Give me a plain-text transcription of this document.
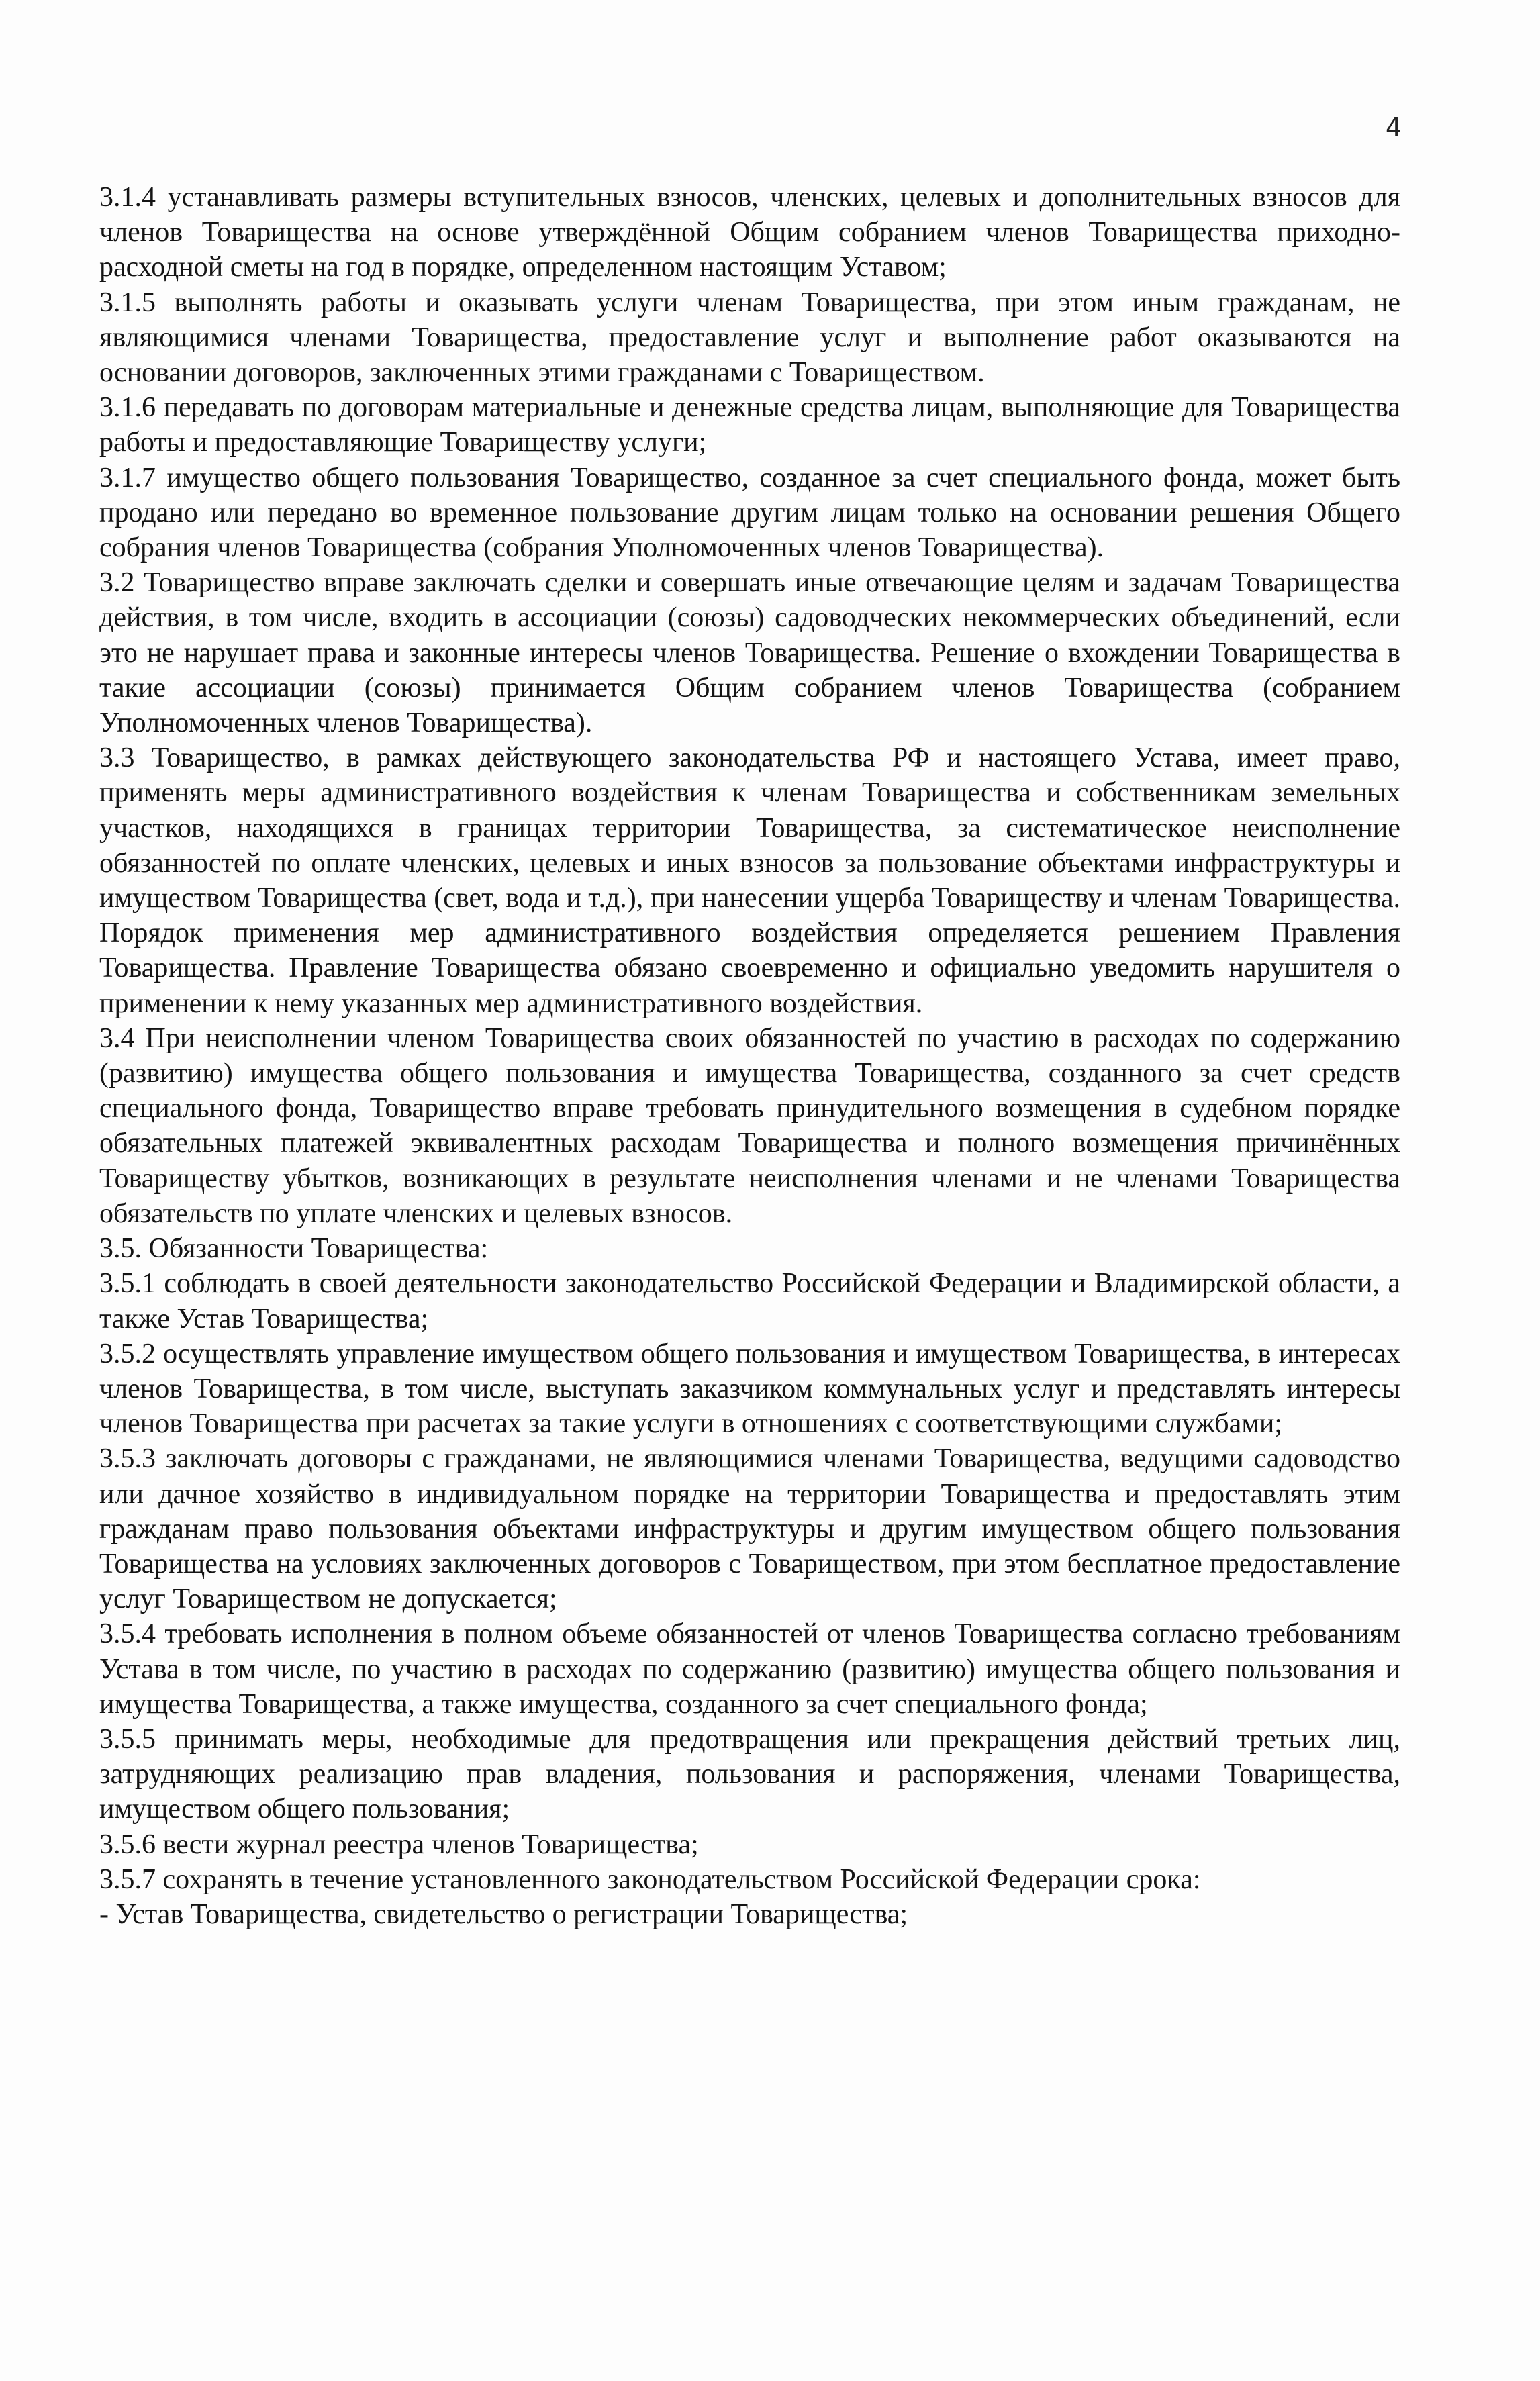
4

3.1.4 устанавливать размеры вступительных взносов, членских, целевых и дополнительных взносов для членов Товарищества на основе утверждённой Общим собранием членов Товарищества приходно-расходной сметы на год в порядке, определенном настоящим Уставом;

3.1.5 выполнять работы и оказывать услуги членам Товарищества, при этом иным гражданам, не являющимися членами Товарищества, предоставление услуг и выполнение работ оказываются на основании договоров, заключенных этими гражданами с Товариществом.

3.1.6 передавать по договорам материальные и денежные средства лицам, выполняющие для Товарищества работы и предоставляющие Товариществу услуги;

3.1.7 имущество общего пользования Товарищество, созданное за счет специального фонда, может быть продано или передано во временное пользование другим лицам только на основании решения Общего собрания членов Товарищества (собрания Уполномоченных членов Товарищества).

3.2 Товарищество вправе заключать сделки и совершать иные отвечающие целям и задачам Товарищества действия, в том числе, входить в ассоциации (союзы) садоводческих некоммерческих объединений, если это не нарушает права и законные интересы членов Товарищества. Решение о вхождении Товарищества в такие ассоциации (союзы) принимается Общим собранием членов Товарищества (собранием Уполномоченных членов Товарищества).

3.3 Товарищество, в рамках действующего законодательства РФ и настоящего Устава, имеет право, применять меры административного воздействия к членам Товарищества и собственникам земельных участков, находящихся в границах территории Товарищества, за систематическое неисполнение обязанностей по оплате членских, целевых и иных взносов за пользование объектами инфраструктуры и имуществом Товарищества (свет, вода и т.д.), при нанесении ущерба Товариществу и членам Товарищества. Порядок применения мер административного воздействия определяется решением Правления Товарищества. Правление Товарищества обязано своевременно и официально уведомить нарушителя о применении к нему указанных мер административного воздействия.

3.4 При неисполнении членом Товарищества своих обязанностей по участию в расходах по содержанию (развитию) имущества общего пользования и имущества Товарищества, созданного за счет средств специального фонда, Товарищество вправе требовать принудительного возмещения в судебном порядке обязательных платежей эквивалентных расходам Товарищества и полного возмещения причинённых Товариществу убытков, возникающих в результате неисполнения членами и не членами Товарищества обязательств по уплате членских и целевых взносов.

3.5. Обязанности Товарищества:

3.5.1 соблюдать в своей деятельности законодательство Российской Федерации и Владимирской области, а также Устав Товарищества;

3.5.2 осуществлять управление имуществом общего пользования и имуществом Товарищества, в интересах членов Товарищества, в том числе, выступать заказчиком коммунальных услуг и представлять интересы членов Товарищества при расчетах за такие услуги в отношениях с соответствующими службами;

3.5.3 заключать договоры с гражданами, не являющимися членами Товарищества, ведущими садоводство или дачное хозяйство в индивидуальном порядке на территории Товарищества и предоставлять этим гражданам право пользования объектами инфраструктуры и другим имуществом общего пользования Товарищества на условиях заключенных договоров с Товариществом, при этом бесплатное предоставление услуг Товариществом не допускается;

3.5.4 требовать исполнения в полном объеме обязанностей от членов Товарищества согласно требованиям Устава в том числе, по участию в расходах по содержанию (развитию) имущества общего пользования и имущества Товарищества, а также имущества, созданного за счет специального фонда;

3.5.5 принимать меры, необходимые для предотвращения или прекращения действий третьих лиц, затрудняющих реализацию прав владения, пользования и распоряжения, членами Товарищества, имуществом общего пользования;

3.5.6 вести журнал реестра членов Товарищества;

3.5.7 сохранять в течение установленного законодательством Российской Федерации срока:

- Устав Товарищества, свидетельство о регистрации Товарищества;
